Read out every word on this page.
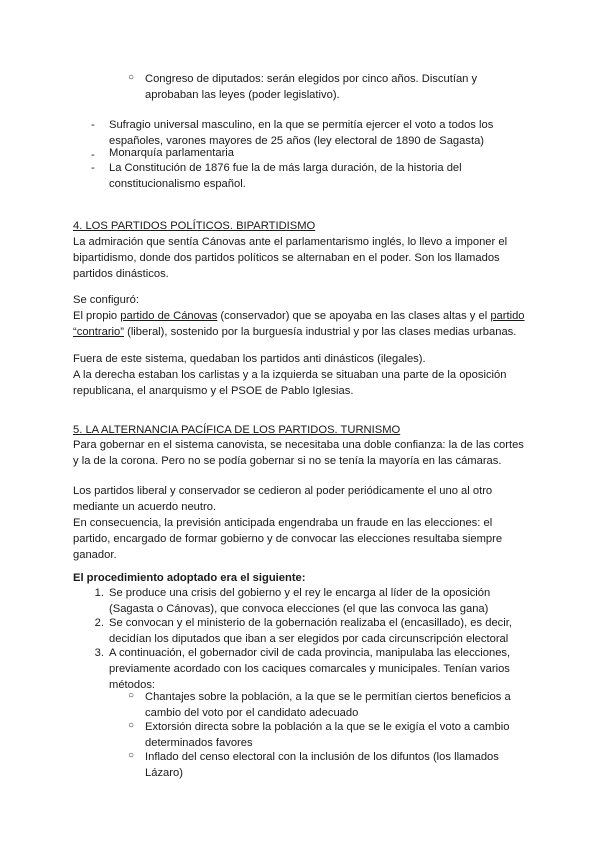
○ Congreso de diputados: serán elegidos por cinco años. Discutían y
aprobaban las leyes (poder legislativo).
-	Sufragio universal masculino, en la que se permitía ejercer el voto a todos los
españoles, varones mayores de 25 años (ley electoral de 1890 de Sagasta)
-	Monarquía parlamentaria
-	La Constitución de 1876 fue la de más larga duración, de la historia del
constitucionalismo español.
4. LOS PARTIDOS POLÍTICOS. BIPARTIDISMO
La admiración que sentía Cánovas ante el parlamentarismo inglés, lo llevo a imponer el
bipartidismo, donde dos partidos políticos se alternaban en el poder. Son los llamados
partidos dinásticos.
Se configuró:
El propio partido de Cánovas (conservador) que se apoyaba en las clases altas y el partido
“contrario” (liberal), sostenido por la burguesía industrial y por las clases medias urbanas.
Fuera de este sistema, quedaban los partidos anti dinásticos (ilegales).
A la derecha estaban los carlistas y a la izquierda se situaban una parte de la oposición
republicana, el anarquismo y el PSOE de Pablo Iglesias.
5. LA ALTERNANCIA PACÍFICA DE LOS PARTIDOS. TURNISMO
Para gobernar en el sistema canovista, se necesitaba una doble confianza: la de las cortes
y la de la corona. Pero no se podía gobernar si no se tenía la mayoría en las cámaras.
Los partidos liberal y conservador se cedieron al poder periódicamente el uno al otro
mediante un acuerdo neutro.
En consecuencia, la previsión anticipada engendraba un fraude en las elecciones: el
partido, encargado de formar gobierno y de convocar las elecciones resultaba siempre
ganador.
El procedimiento adoptado era el siguiente:
1. Se produce una crisis del gobierno y el rey le encarga al líder de la oposición
(Sagasta o Cánovas), que convoca elecciones (el que las convoca las gana)
2. Se convocan y el ministerio de la gobernación realizaba el (encasillado), es decir,
decidían los diputados que iban a ser elegidos por cada circunscripción electoral
3. A continuación, el gobernador civil de cada provincia, manipulaba las elecciones,
previamente acordado con los caciques comarcales y municipales. Tenían varios
métodos:
○ Chantajes sobre la población, a la que se le permitían ciertos beneficios a
cambio del voto por el candidato adecuado
○ Extorsión directa sobre la población a la que se le exigía el voto a cambio
determinados favores
○ Inflado del censo electoral con la inclusión de los difuntos (los llamados
Lázaro)
